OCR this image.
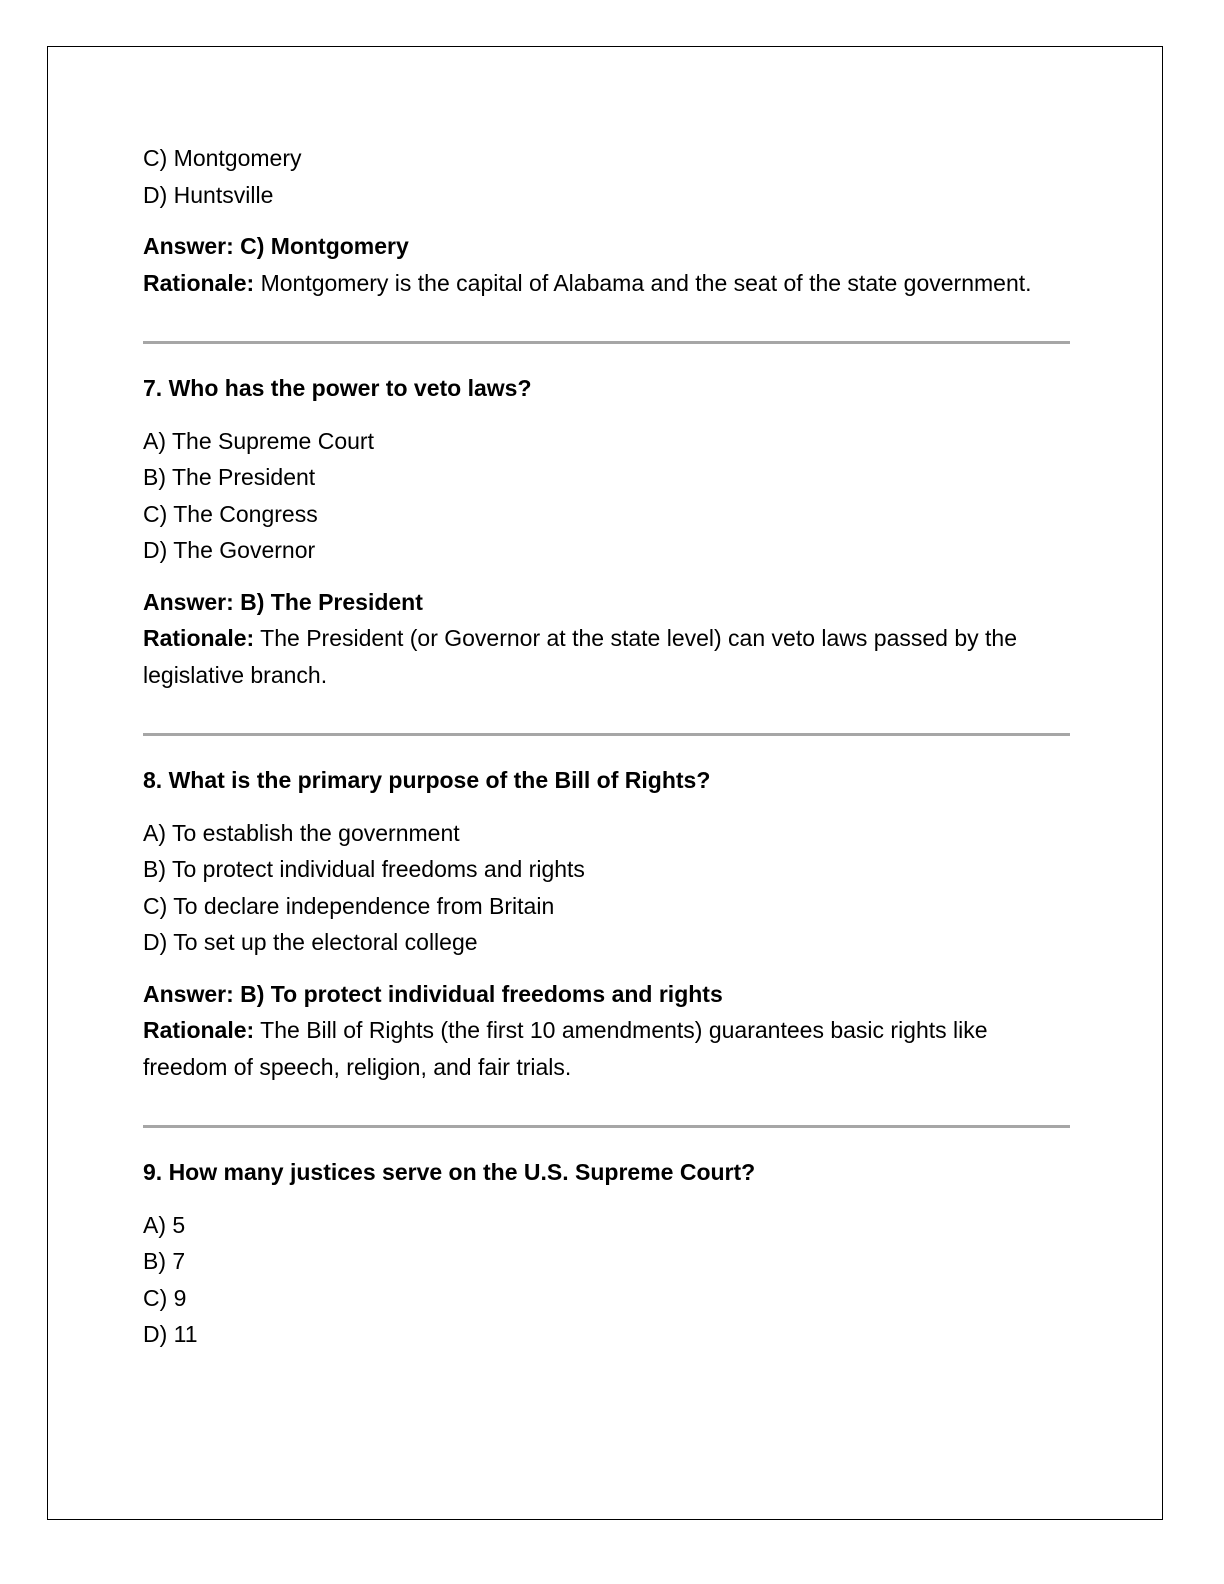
C) Montgomery

D) Huntsville

Answer: C) Montgomery

Rationale: Montgomery is the capital of Alabama and the seat of the state government.

7. Who has the power to veto laws?

A) The Supreme Court

B) The President

C) The Congress

D) The Governor

Answer: B) The President

Rationale: The President (or Governor at the state level) can veto laws passed by the legislative branch.

8. What is the primary purpose of the Bill of Rights?

A) To establish the government

B) To protect individual freedoms and rights

C) To declare independence from Britain

D) To set up the electoral college

Answer: B) To protect individual freedoms and rights

Rationale: The Bill of Rights (the first 10 amendments) guarantees basic rights like freedom of speech, religion, and fair trials.

9. How many justices serve on the U.S. Supreme Court?

A) 5

B) 7

C) 9

D) 11
